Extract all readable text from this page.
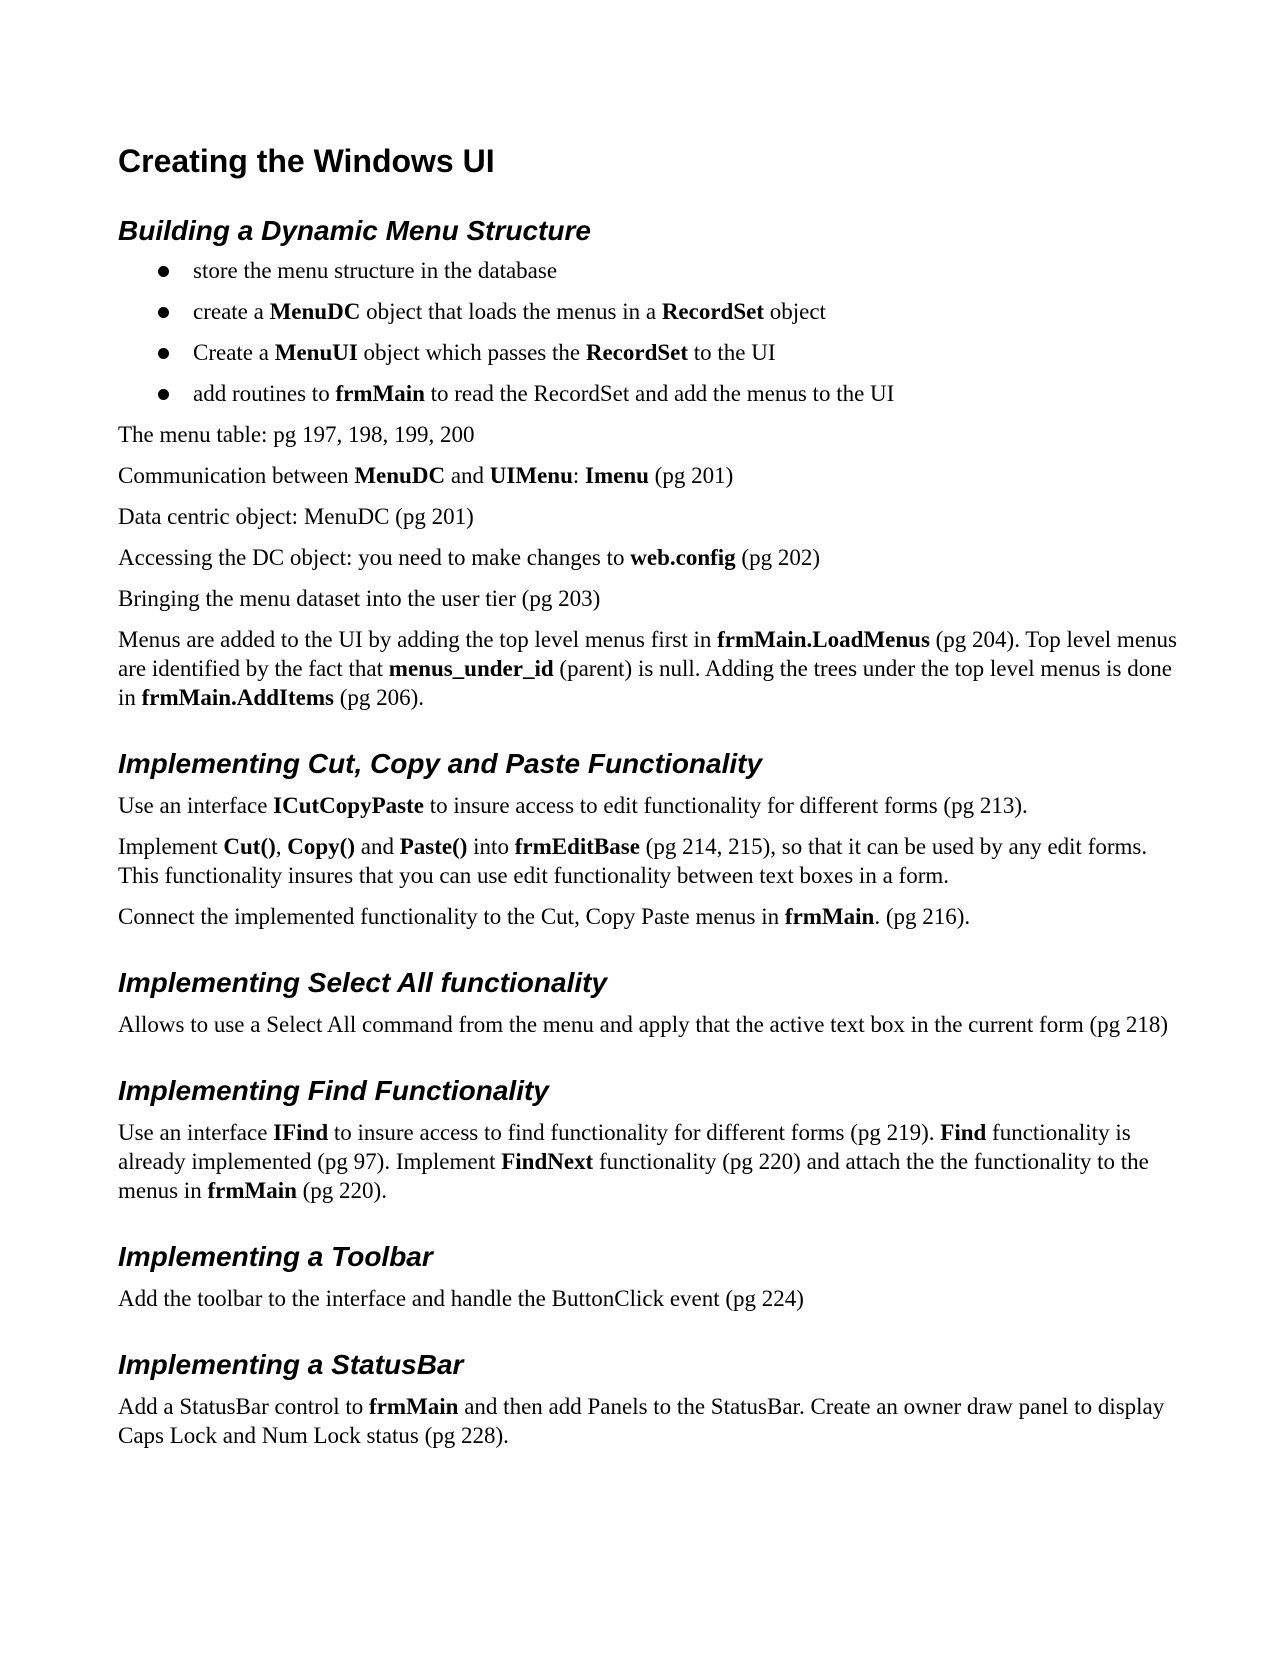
Creating the Windows UI
Building a Dynamic Menu Structure
store the menu structure in the database
create a MenuDC object that loads the menus in a RecordSet object
Create a MenuUI object which passes the RecordSet to the UI
add routines to frmMain to read the RecordSet and add the menus to the UI

The menu table: pg 197, 198, 199, 200

Communication between MenuDC and UIMenu: Imenu (pg 201)

Data centric object: MenuDC (pg 201)

Accessing the DC object: you need to make changes to web.config (pg 202)

Bringing the menu dataset into the user tier (pg 203)

Menus are added to the UI by adding the top level menus first in frmMain.LoadMenus (pg 204). Top level menus are identified by the fact that menus_under_id (parent) is null. Adding the trees under the top level menus is done in frmMain.AddItems (pg 206).

Implementing Cut, Copy and Paste Functionality

Use an interface ICutCopyPaste to insure access to edit functionality for different forms (pg 213).

Implement Cut(), Copy() and Paste() into frmEditBase (pg 214, 215), so that it can be used by any edit forms. This functionality insures that you can use edit functionality between text boxes in a form.

Connect the implemented functionality to the Cut, Copy Paste menus in frmMain. (pg 216).

Implementing Select All functionality

Allows to use a Select All command from the menu and apply that the active text box in the current form (pg 218)

Implementing Find Functionality

Use an interface IFind to insure access to find functionality for different forms (pg 219). Find functionality is already implemented (pg 97). Implement FindNext functionality (pg 220) and attach the the functionality to the menus in frmMain (pg 220).

Implementing a Toolbar

Add the toolbar to the interface and handle the ButtonClick event (pg 224)

Implementing a StatusBar

Add a StatusBar control to frmMain and then add Panels to the StatusBar. Create an owner draw panel to display Caps Lock and Num Lock status (pg 228).
